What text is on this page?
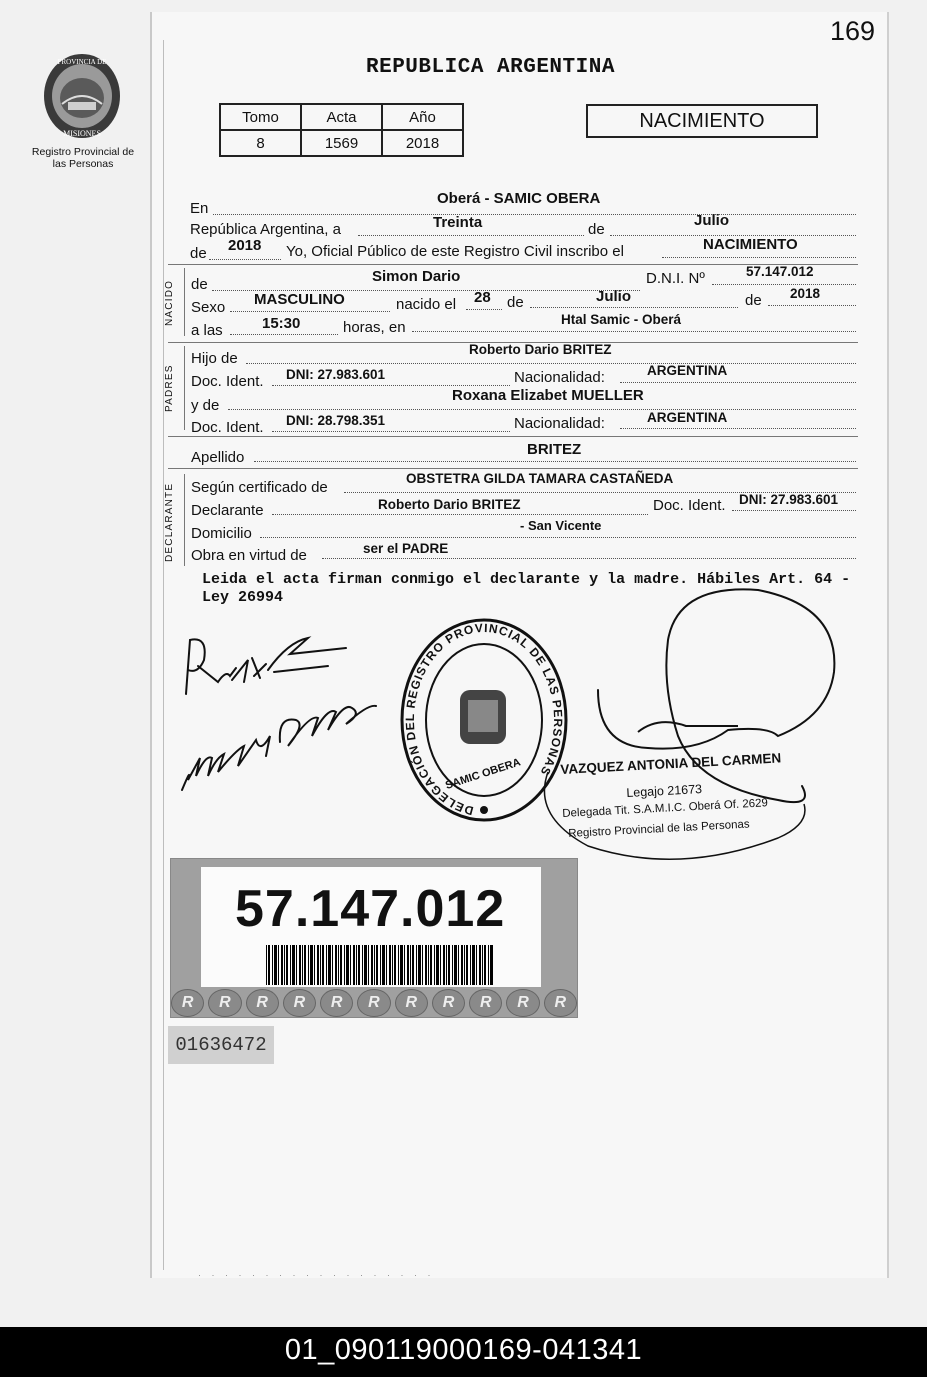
169
PROVINCIA DE
MISIONES
Registro Provincial de las Personas
REPUBLICA ARGENTINA
Tomo	Acta	Año
8	1569	2018
NACIMIENTO
En
Oberá - SAMIC OBERA
República Argentina, a	Treinta	de
Julio
de 2018 Yo, Oficial Público de este Registro Civil inscribo el	NACIMIENTO
NACIDO de	Simon Dario	D.N.I. Nº	57.147.012
Sexo MASCULINO	nacido el 28 de	Julio	de 2018
a las	15:30	horas, en	Htal Samic - Oberá
PADRES
Hijo de
Roberto Dario BRITEZ
Doc. Ident. DNI: 27.983.601	Nacionalidad:	ARGENTINA
y de
Roxana Elizabet MUELLER
Doc. Ident. DNI: 28.798.351	Nacionalidad:	ARGENTINA
Apellido	BRITEZ
DECLARANTE Según certificado de
OBSTETRA GILDA TAMARA CASTAÑEDA
Declarante	Roberto Dario BRITEZ	Doc. Ident. DNI: 27.983.601
Domicilio	- San Vicente
Obra en virtud de	ser el PADRE
Leida el acta firman conmigo el declarante y la madre. Hábiles Art. 64 - Ley 26994
DELEGACIÓN DEL REGISTRO PROVINCIAL DE LAS PERSONAS
SAMIC OBERA	VAZQUEZ ANTONIA DEL CARMEN
Legajo 21673
Delegada Tit. S.A.M.I.C. Oberá Of. 2629
Registro Provincial de las Personas
57.147.012
R	R	R	R	R	R	R	R	R	R	R
01636472
· · · · · · · · · · · · · · · · · ·
01_090119000169-041341
